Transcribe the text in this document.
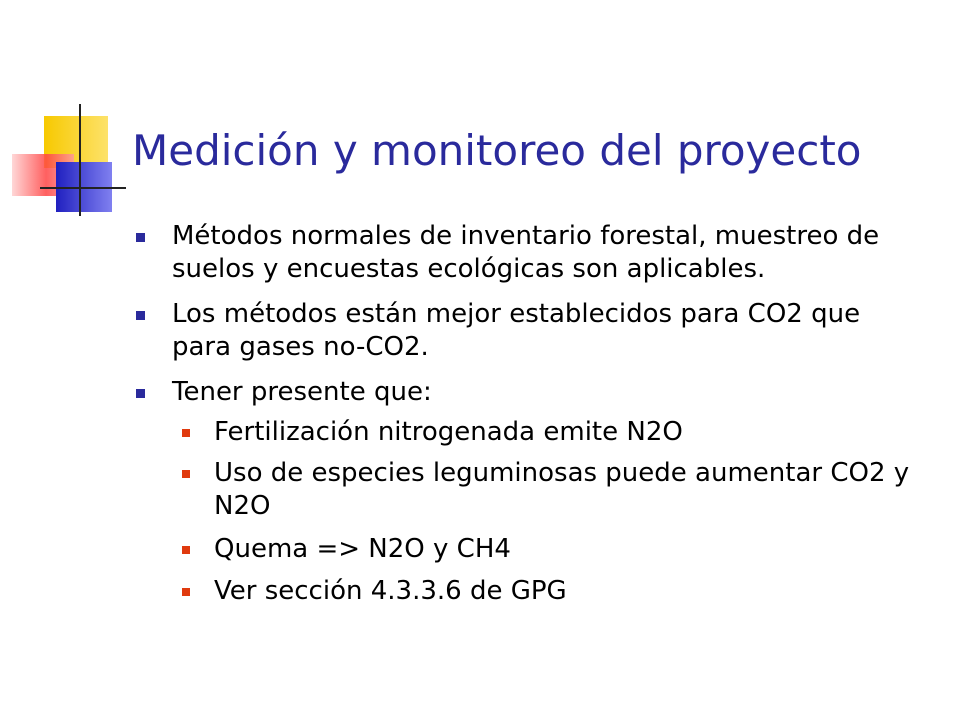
Medición y monitoreo del proyecto
Métodos normales de inventario forestal, muestreo de suelos y encuestas ecológicas son aplicables.
Los métodos están mejor establecidos para CO2 que para gases no-CO2.
Tener presente que:
Fertilización nitrogenada emite N2O
Uso de especies leguminosas puede aumentar CO2 y N2O
Quema => N2O y CH4
Ver sección 4.3.3.6 de GPG
